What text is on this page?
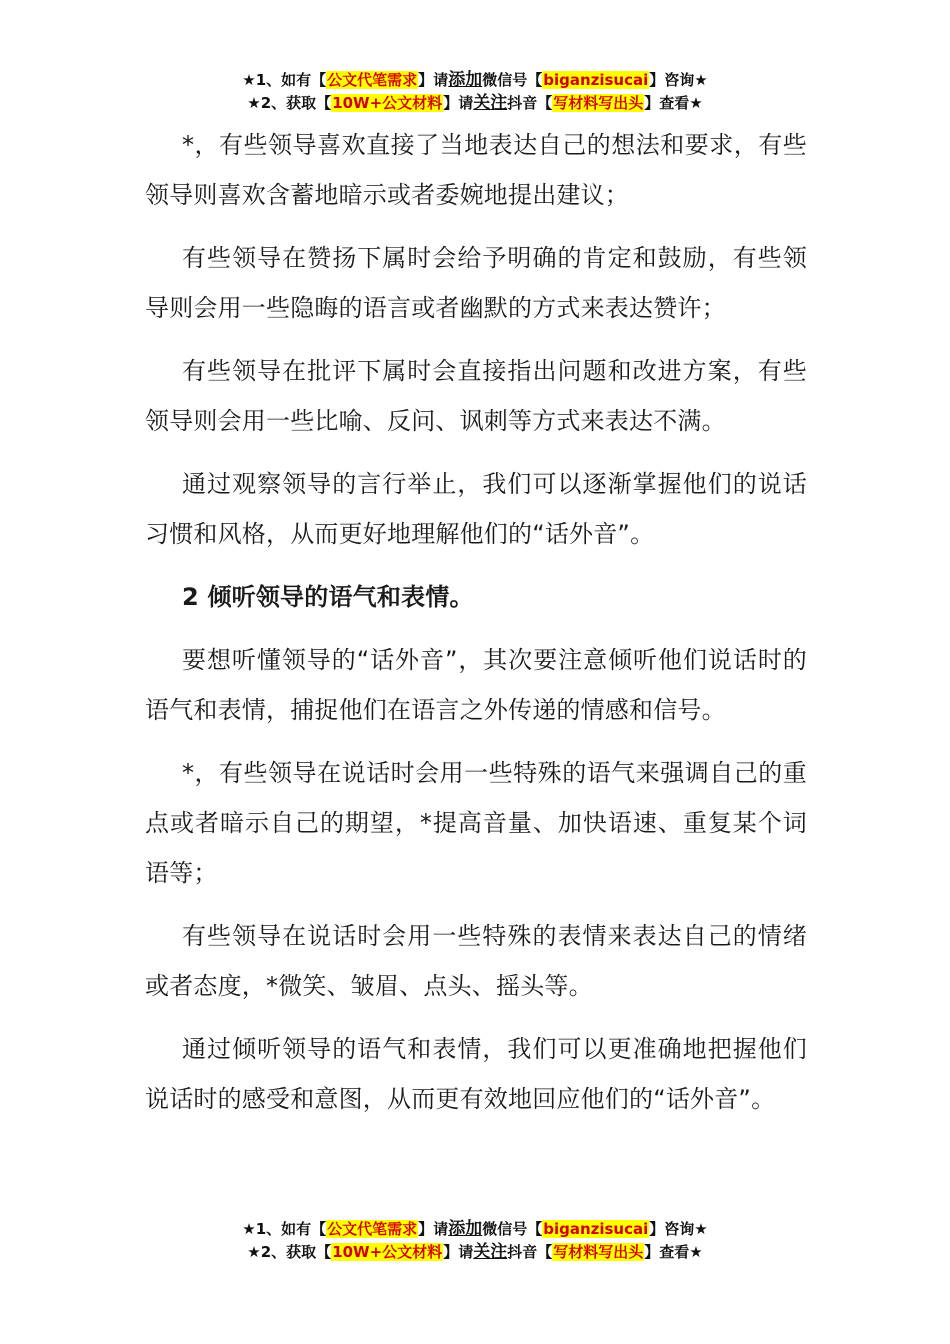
★1、如有【公文代笔需求】请添加微信号【biganzisucai】咨询★
★2、获取【10W+公文材料】请关注抖音【写材料写出头】查看★

*，有些领导喜欢直接了当地表达自己的想法和要求，有些领导则喜欢含蓄地暗示或者委婉地提出建议；

有些领导在赞扬下属时会给予明确的肯定和鼓励，有些领导则会用一些隐晦的语言或者幽默的方式来表达赞许；

有些领导在批评下属时会直接指出问题和改进方案，有些领导则会用一些比喻、反问、讽刺等方式来表达不满。

通过观察领导的言行举止，我们可以逐渐掌握他们的说话习惯和风格，从而更好地理解他们的“话外音”。

2 倾听领导的语气和表情。

要想听懂领导的“话外音”，其次要注意倾听他们说话时的语气和表情，捕捉他们在语言之外传递的情感和信号。

*，有些领导在说话时会用一些特殊的语气来强调自己的重点或者暗示自己的期望，*提高音量、加快语速、重复某个词语等；

有些领导在说话时会用一些特殊的表情来表达自己的情绪或者态度，*微笑、皱眉、点头、摇头等。

通过倾听领导的语气和表情，我们可以更准确地把握他们说话时的感受和意图，从而更有效地回应他们的“话外音”。

★1、如有【公文代笔需求】请添加微信号【biganzisucai】咨询★
★2、获取【10W+公文材料】请关注抖音【写材料写出头】查看★
